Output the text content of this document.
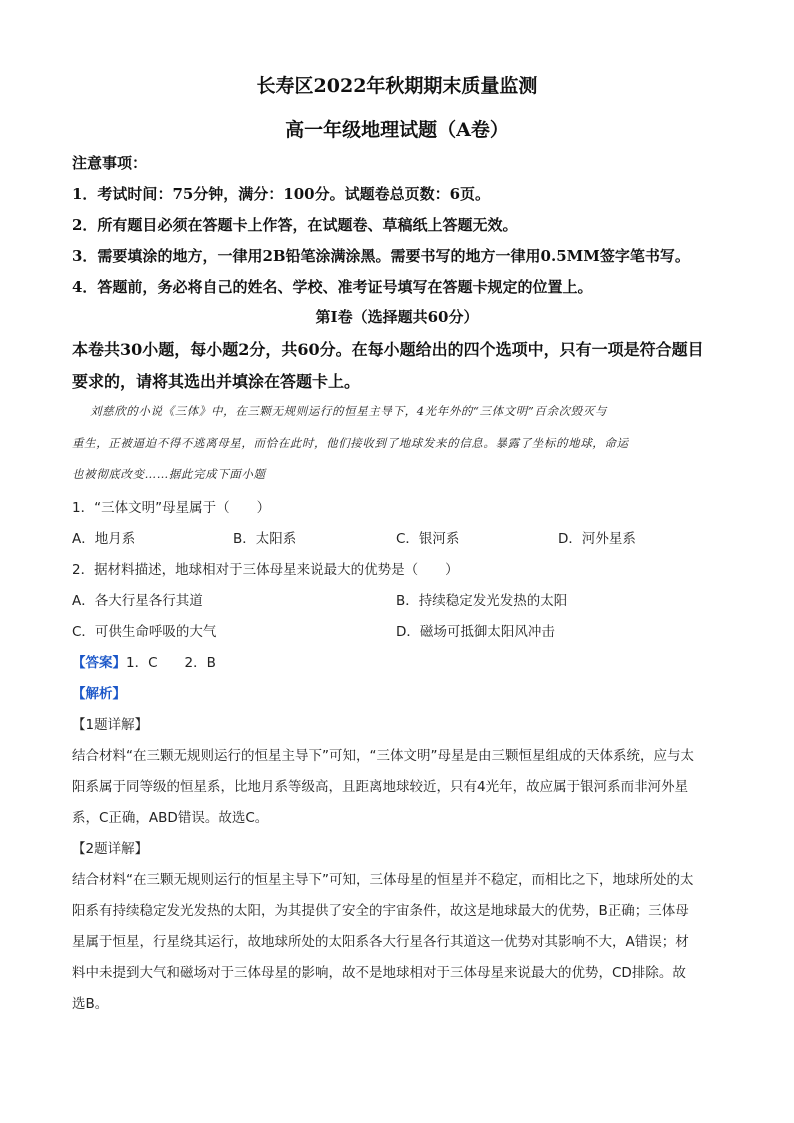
长寿区2022年秋期期末质量监测
高一年级地理试题（A卷）
注意事项：
1．考试时间：75分钟，满分：100分。试题卷总页数：6页。
2．所有题目必须在答题卡上作答，在试题卷、草稿纸上答题无效。
3．需要填涂的地方，一律用2B铅笔涂满涂黑。需要书写的地方一律用0.5MM签字笔书写。
4．答题前，务必将自己的姓名、学校、准考证号填写在答题卡规定的位置上。
第Ⅰ卷（选择题共60分）
本卷共30小题，每小题2分，共60分。在每小题给出的四个选项中，只有一项是符合题目
要求的，请将其选出并填涂在答题卡上。
刘慈欣的小说《三体》中，在三颗无规则运行的恒星主导下，4光年外的“三体文明”百余次毁灭与
重生，正被逼迫不得不逃离母星，而恰在此时，他们接收到了地球发来的信息。暴露了坐标的地球，命运
也被彻底改变……据此完成下面小题
1．“三体文明”母星属于（　　）
A．地月系	B．太阳系	C．银河系	D．河外星系
2．据材料描述，地球相对于三体母星来说最大的优势是（　　）
A．各大行星各行其道	B．持续稳定发光发热的太阳
C．可供生命呼吸的大气	D．磁场可抵御太阳风冲击
【答案】1．C　　2．B
【解析】
【1题详解】
结合材料“在三颗无规则运行的恒星主导下”可知，“三体文明”母星是由三颗恒星组成的天体系统，应与太
阳系属于同等级的恒星系，比地月系等级高，且距离地球较近，只有4光年，故应属于银河系而非河外星
系，C正确，ABD错误。故选C。
【2题详解】
结合材料“在三颗无规则运行的恒星主导下”可知，三体母星的恒星并不稳定，而相比之下，地球所处的太
阳系有持续稳定发光发热的太阳，为其提供了安全的宇宙条件，故这是地球最大的优势，B正确；三体母
星属于恒星，行星绕其运行，故地球所处的太阳系各大行星各行其道这一优势对其影响不大，A错误；材
料中未提到大气和磁场对于三体母星的影响，故不是地球相对于三体母星来说最大的优势，CD排除。故
选B。
